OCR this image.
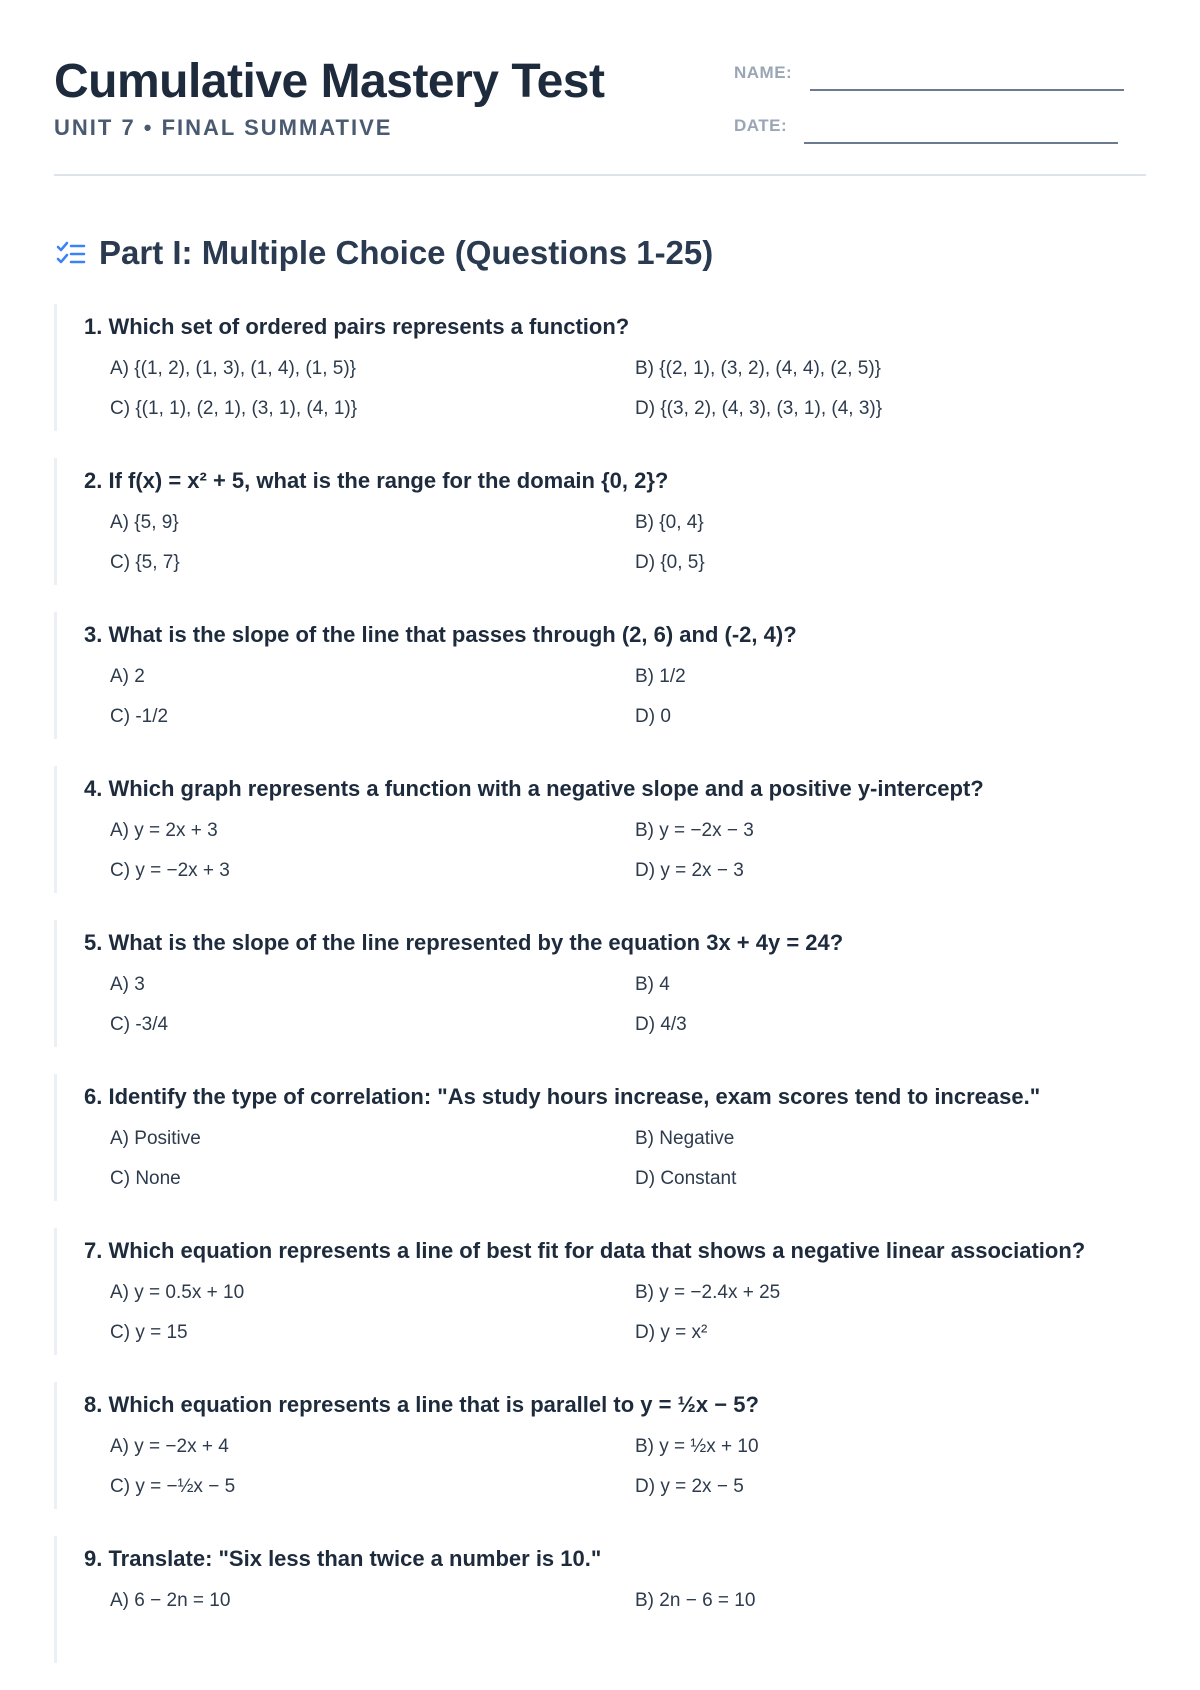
Cumulative Mastery Test
UNIT 7 • FINAL SUMMATIVE
NAME:
DATE:
Part I: Multiple Choice (Questions 1-25)
1. Which set of ordered pairs represents a function?
A) {(1, 2), (1, 3), (1, 4), (1, 5)}	B) {(2, 1), (3, 2), (4, 4), (2, 5)}
C) {(1, 1), (2, 1), (3, 1), (4, 1)}	D) {(3, 2), (4, 3), (3, 1), (4, 3)}
2. If f(x) = x² + 5, what is the range for the domain {0, 2}?
A) {5, 9}	B) {0, 4}
C) {5, 7}	D) {0, 5}
3. What is the slope of the line that passes through (2, 6) and (-2, 4)?
A) 2	B) 1/2
C) -1/2	D) 0
4. Which graph represents a function with a negative slope and a positive y-intercept?
A) y = 2x + 3	B) y = −2x − 3
C) y = −2x + 3	D) y = 2x − 3
5. What is the slope of the line represented by the equation 3x + 4y = 24?
A) 3	B) 4
C) -3/4	D) 4/3
6. Identify the type of correlation: "As study hours increase, exam scores tend to increase."
A) Positive	B) Negative
C) None	D) Constant
7. Which equation represents a line of best fit for data that shows a negative linear association?
A) y = 0.5x + 10	B) y = −2.4x + 25
C) y = 15	D) y = x²
8. Which equation represents a line that is parallel to y = ½x − 5?
A) y = −2x + 4	B) y = ½x + 10
C) y = −½x − 5	D) y = 2x − 5
9. Translate: "Six less than twice a number is 10."
A) 6 − 2n = 10	B) 2n − 6 = 10
